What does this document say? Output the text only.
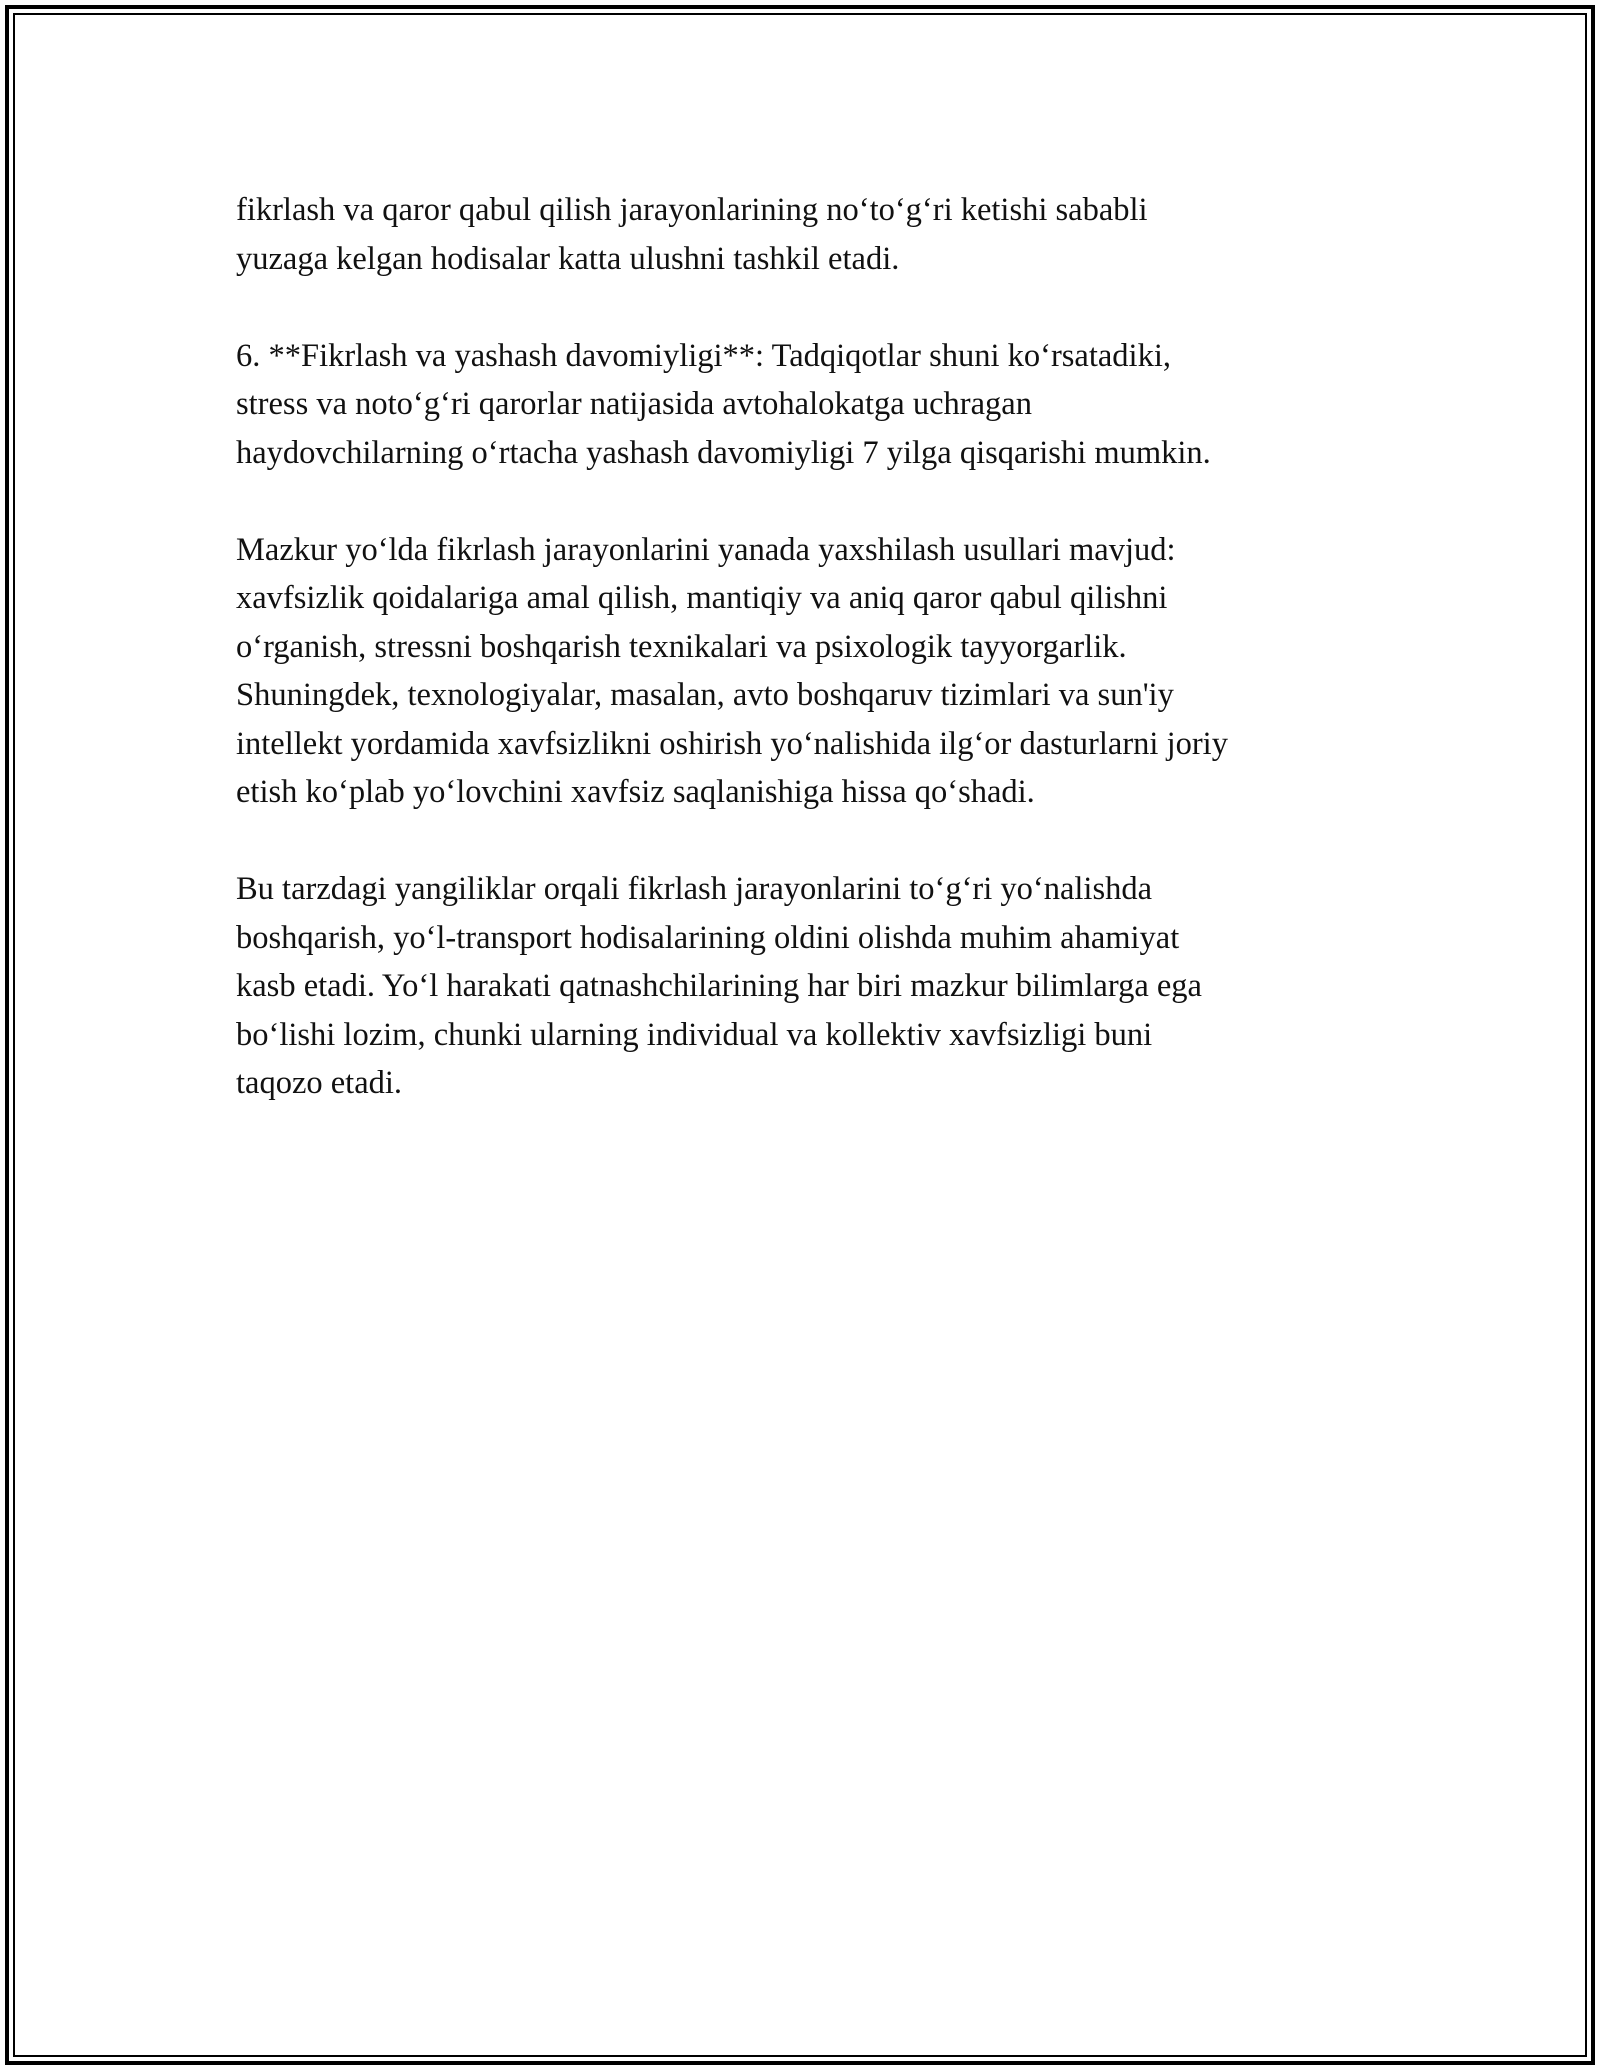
fikrlash va qaror qabul qilish jarayonlarining no‘to‘g‘ri ketishi sababli
yuzaga kelgan hodisalar katta ulushni tashkil etadi.

6. **Fikrlash va yashash davomiyligi**: Tadqiqotlar shuni ko‘rsatadiki,
stress va noto‘g‘ri qarorlar natijasida avtohalokatga uchragan
haydovchilarning o‘rtacha yashash davomiyligi 7 yilga qisqarishi mumkin.

Mazkur yo‘lda fikrlash jarayonlarini yanada yaxshilash usullari mavjud:
xavfsizlik qoidalariga amal qilish, mantiqiy va aniq qaror qabul qilishni
o‘rganish, stressni boshqarish texnikalari va psixologik tayyorgarlik.
Shuningdek, texnologiyalar, masalan, avto boshqaruv tizimlari va sun'iy
intellekt yordamida xavfsizlikni oshirish yo‘nalishida ilg‘or dasturlarni joriy
etish ko‘plab yo‘lovchini xavfsiz saqlanishiga hissa qo‘shadi.

Bu tarzdagi yangiliklar orqali fikrlash jarayonlarini to‘g‘ri yo‘nalishda
boshqarish, yo‘l-transport hodisalarining oldini olishda muhim ahamiyat
kasb etadi. Yo‘l harakati qatnashchilarining har biri mazkur bilimlarga ega
bo‘lishi lozim, chunki ularning individual va kollektiv xavfsizligi buni
taqozo etadi.
